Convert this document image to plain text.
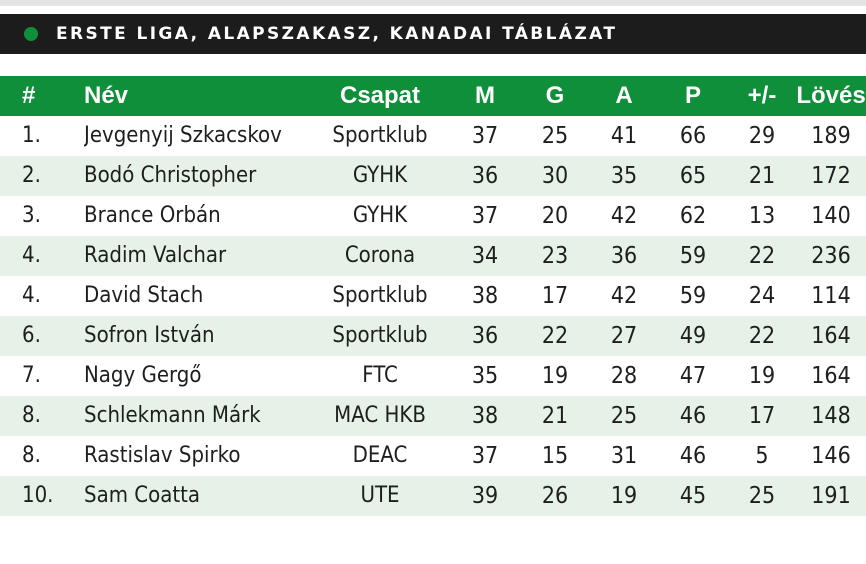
ERSTE LIGA, ALAPSZAKASZ, KANADAI TÁBLÁZAT
#	Név	Csapat	M	G	A	P	+/-	Lövés
1.	Jevgenyij Szkacskov	Sportklub	37	25	41	66	29	189
2.	Bodó Christopher	GYHK	36	30	35	65	21	172
3.	Brance Orbán	GYHK	37	20	42	62	13	140
4.	Radim Valchar	Corona	34	23	36	59	22	236
4.	David Stach	Sportklub	38	17	42	59	24	114
6.	Sofron István	Sportklub	36	22	27	49	22	164
7.	Nagy Gergő	FTC	35	19	28	47	19	164
8.	Schlekmann Márk	MAC HKB	38	21	25	46	17	148
8.	Rastislav Spirko	DEAC	37	15	31	46	5	146
10.	Sam Coatta	UTE	39	26	19	45	25	191
